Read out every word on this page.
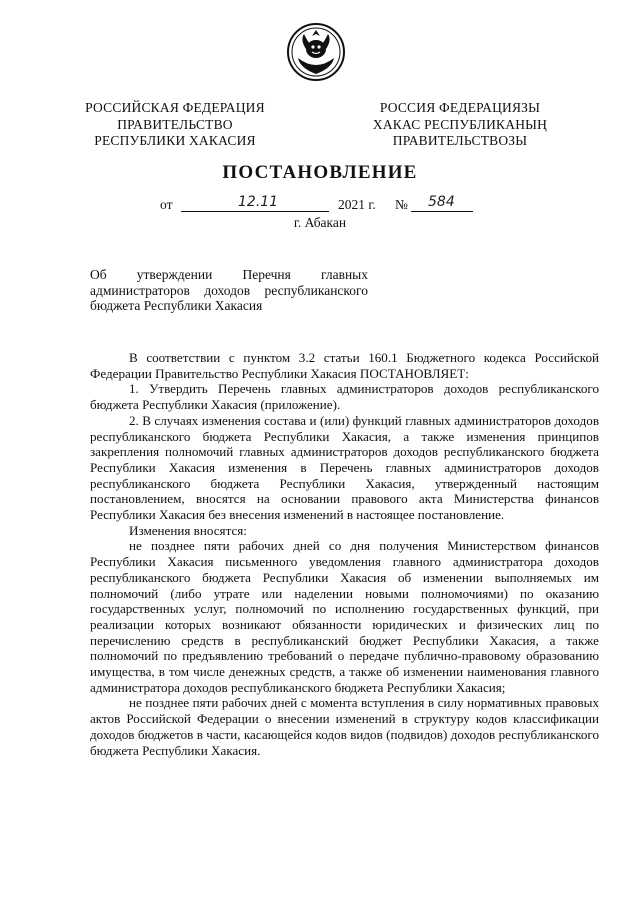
РОССИЙСКАЯ ФЕДЕРАЦИЯ
ПРАВИТЕЛЬСТВО
РЕСПУБЛИКИ ХАКАСИЯ
РОССИЯ ФЕДЕРАЦИЯЗЫ
ХАКАС РЕСПУБЛИКАНЫҢ
ПРАВИТЕЛЬСТВОЗЫ
ПОСТАНОВЛЕНИЕ
от	12.11	2021 г. № 584
г. Абакан
Об утверждении Перечня главных
администраторов доходов республиканского бюджета Республики Хакасия

В соответствии с пунктом 3.2 статьи 160.1 Бюджетного кодекса Российской Федерации Правительство Республики Хакасия ПОСТАНОВЛЯЕТ:

1. Утвердить Перечень главных администраторов доходов республиканского бюджета Республики Хакасия (приложение).

2. В случаях изменения состава и (или) функций главных администраторов доходов республиканского бюджета Республики Хакасия, а также изменения принципов закрепления полномочий главных администраторов доходов республиканского бюджета Республики Хакасия изменения в Перечень главных администраторов доходов республиканского бюджета Республики Хакасия, утвержденный настоящим постановлением, вносятся на основании правового акта Министерства финансов Республики Хакасия без внесения изменений в настоящее постановление.

Изменения вносятся:

не позднее пяти рабочих дней со дня получения Министерством финансов Республики Хакасия письменного уведомления главного администратора доходов республиканского бюджета Республики Хакасия об изменении выполняемых им полномочий (либо утрате или наделении новыми полномочиями) по оказанию государственных услуг, полномочий по исполнению государственных функций, при реализации которых возникают обязанности юридических и физических лиц по перечислению средств в республиканский бюджет Республики Хакасия, а также полномочий по предъявлению требований о передаче публично-правовому образованию имущества, в том числе денежных средств, а также об изменении наименования главного администратора доходов республиканского бюджета Республики Хакасия;

не позднее пяти рабочих дней с момента вступления в силу нормативных правовых актов Российской Федерации о внесении изменений в структуру кодов классификации доходов бюджетов в части, касающейся кодов видов (подвидов) доходов республиканского бюджета Республики Хакасия.
